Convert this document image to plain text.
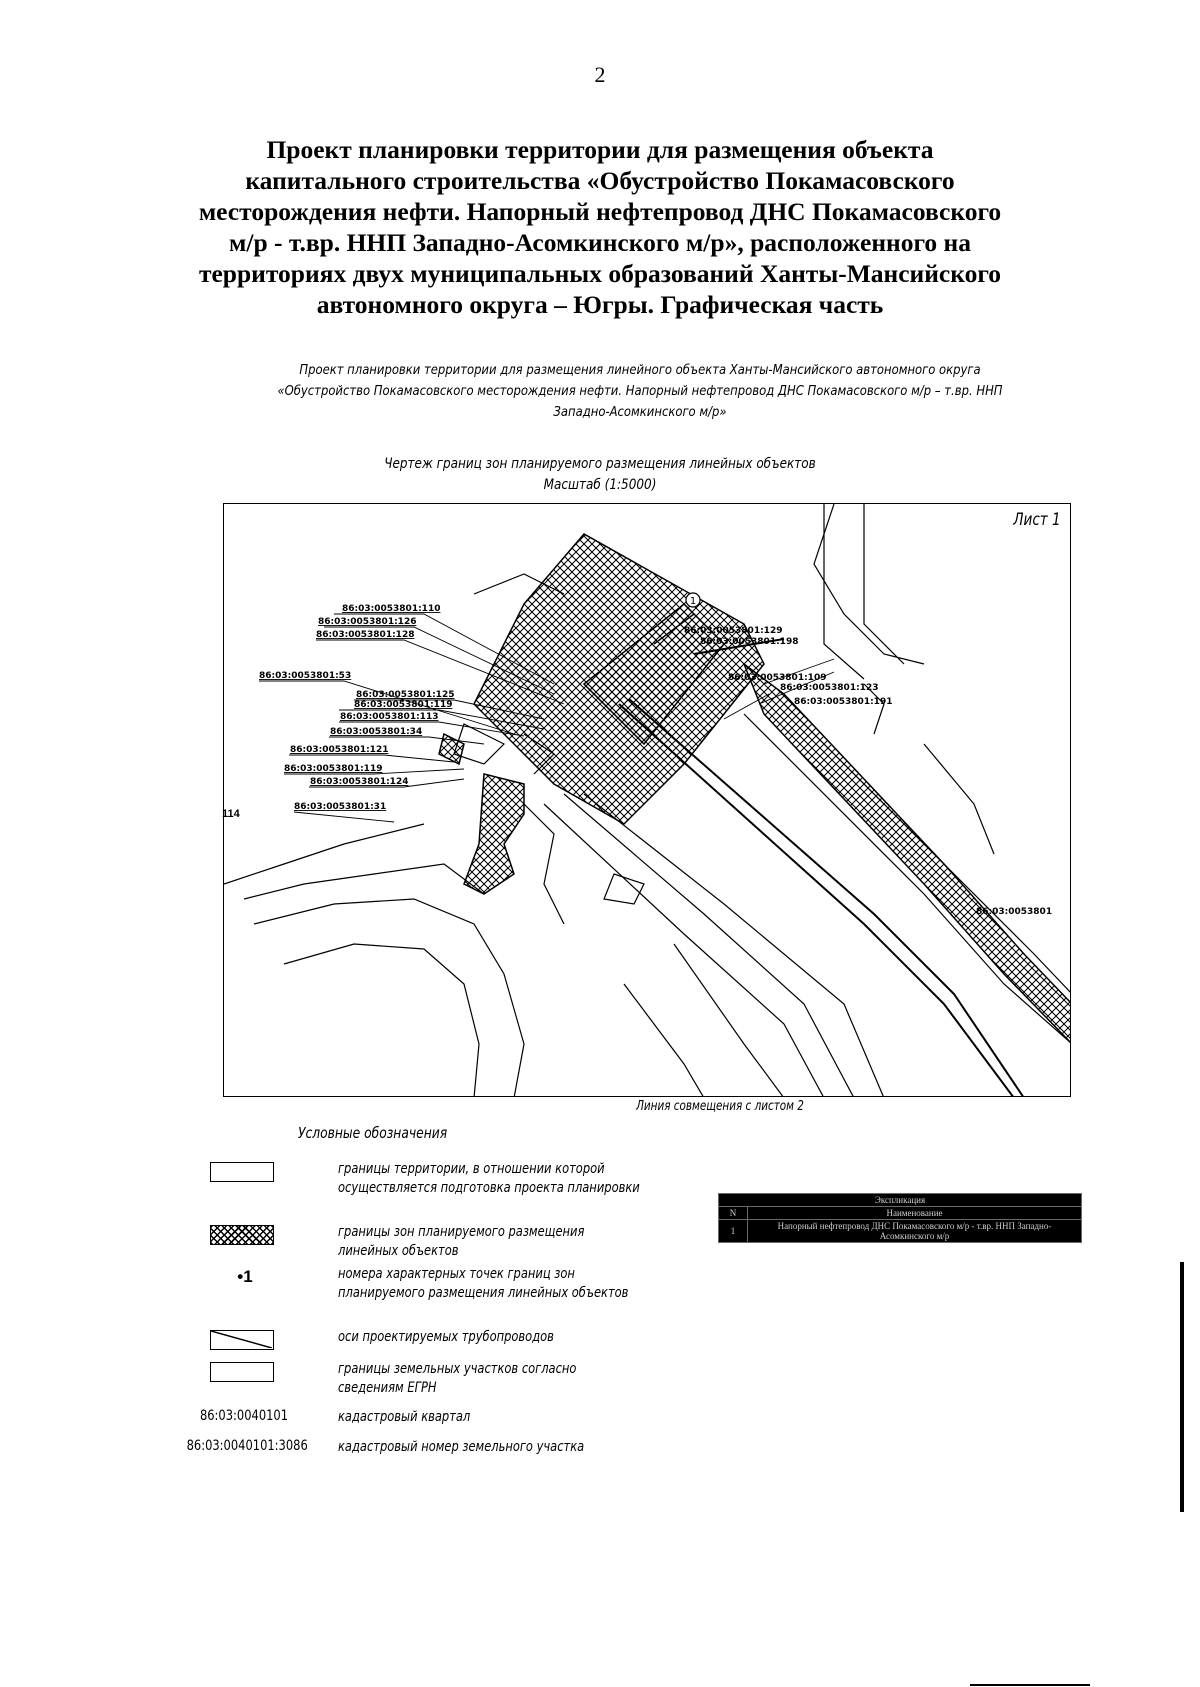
2
Проект планировки территории для размещения объекта
капитального строительства «Обустройство Покамасовского
месторождения нефти. Напорный нефтепровод ДНС Покамасовского
м/р - т.вр. ННП Западно-Асомкинского м/р», расположенного на
территориях двух муниципальных образований Ханты-Мансийского
автономного округа – Югры. Графическая часть
Проект планировки территории для размещения линейного объекта Ханты-Мансийского автономного округа
«Обустройство Покамасовского месторождения нефти. Напорный нефтепровод ДНС Покамасовского м/р – т.вр. ННП
Западно-Асомкинского м/р»
Чертеж границ зон планируемого размещения линейных объектов
Масштаб (1:5000)
1
86:03:0053801:110
86:03:0053801:126
86:03:0053801:128
86:03:0053801:53
86:03:0053801:125
86:03:0053801:119
86:03:0053801:113
86:03:0053801:34
86:03:0053801:121
86:03:0053801:119
86:03:0053801:124
86:03:0053801:31
86:03:0053801:129
86:03:0053801:198
86:03:0053801:109
86:03:0053801:123
86:03:0053801:191
86:03:0053801
Лист 1
114
Линия совмещения с листом 2
Условные обозначения
границы территории, в отношении которой осуществляется подготовка проекта планировки
границы зон планируемого размещения линейных объектов
•1	номера характерных точек границ зон планируемого размещения линейных объектов
оси проектируемых трубопроводов
границы земельных участков согласно сведениям ЕГРН
86:03:0040101	кадастровый квартал
86:03:0040101:3086 кадастровый номер земельного участка
Экспликация	
N	Наименование
1	Напорный нефтепровод ДНС Покамасовского м/р - т.вр. ННП Западно-Асомкинского м/р
